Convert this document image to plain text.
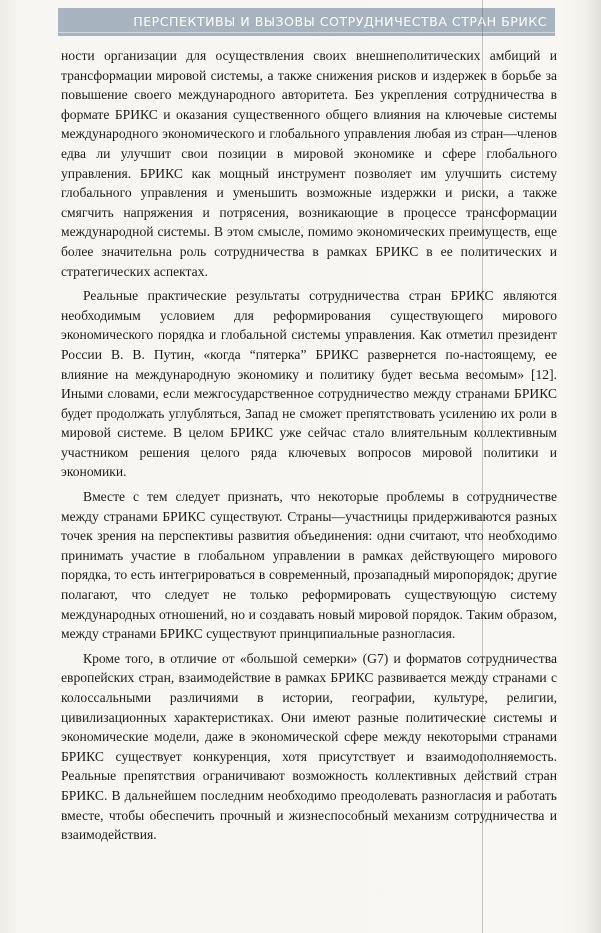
ПЕРСПЕКТИВЫ И ВЫЗОВЫ СОТРУДНИЧЕСТВА СТРАН БРИКС

ности организации для осуществления своих внешнеполитических амбиций и трансформации мировой системы, а также снижения рисков и издержек в борьбе за повышение своего международного авторитета. Без укрепления сотрудничества в формате БРИКС и оказания существенного общего влияния на ключевые системы международного экономического и глобального управления любая из стран—членов едва ли улучшит свои позиции в мировой экономике и сфере глобального управления. БРИКС как мощный инструмент позволяет им улучшить систему глобального управления и уменьшить возможные издержки и риски, а также смягчить напряжения и потрясения, возникающие в процессе трансформации международной системы. В этом смысле, помимо экономических преимуществ, еще более значительна роль сотрудничества в рамках БРИКС в ее политических и стратегических аспектах.

Реальные практические результаты сотрудничества стран БРИКС являются необходимым условием для реформирования существующего мирового экономического порядка и глобальной системы управления. Как отметил президент России В. В. Путин, «когда “пятерка” БРИКС развернется по-настоящему, ее влияние на международную экономику и политику будет весьма весомым» [12]. Иными словами, если межгосударственное сотрудничество между странами БРИКС будет продолжать углубляться, Запад не сможет препятствовать усилению их роли в мировой системе. В целом БРИКС уже сейчас стало влиятельным коллективным участником решения целого ряда ключевых вопросов мировой политики и экономики.

Вместе с тем следует признать, что некоторые проблемы в сотрудничестве между странами БРИКС существуют. Страны—участницы придерживаются разных точек зрения на перспективы развития объединения: одни считают, что необходимо принимать участие в глобальном управлении в рамках действующего мирового порядка, то есть интегрироваться в современный, прозападный миропорядок; другие полагают, что следует не только реформировать существующую систему международных отношений, но и создавать новый мировой порядок. Таким образом, между странами БРИКС существуют принципиальные разногласия.

Кроме того, в отличие от «большой семерки» (G7) и форматов сотрудничества европейских стран, взаимодействие в рамках БРИКС развивается между странами с колоссальными различиями в истории, географии, культуре, религии, цивилизационных характеристиках. Они имеют разные политические системы и экономические модели, даже в экономической сфере между некоторыми странами БРИКС существует конкуренция, хотя присутствует и взаимодополняемость. Реальные препятствия ограничивают возможность коллективных действий стран БРИКС. В дальнейшем последним необходимо преодолевать разногласия и работать вместе, чтобы обеспечить прочный и жизнеспособный механизм сотрудничества и взаимодействия.
